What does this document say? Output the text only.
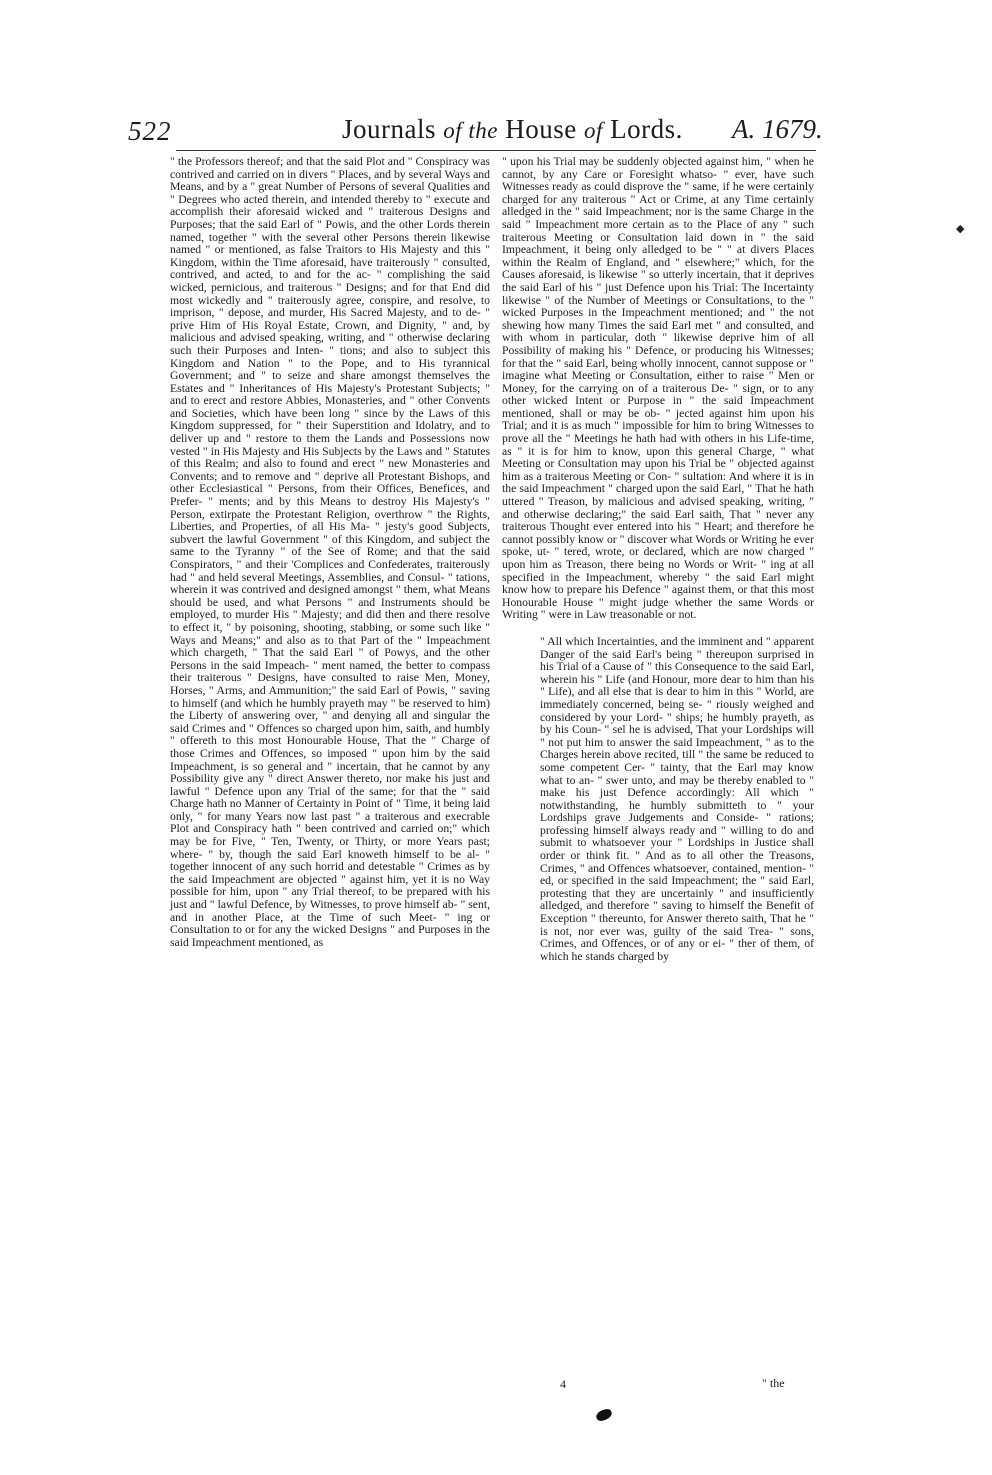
522	Journals of the House of Lords. A. 1679.

" the Professors thereof; and that the said Plot and " Conspiracy was contrived and carried on in divers " Places, and by several Ways and Means, and by a " great Number of Persons of several Qualities and " Degrees who acted therein, and intended thereby to " execute and accomplish their aforesaid wicked and " traiterous Designs and Purposes; that the said Earl of " Powis, and the other Lords therein named, together " with the several other Persons therein likewise named " or mentioned, as false Traitors to His Majesty and this " Kingdom, within the Time aforesaid, have traiterously " consulted, contrived, and acted, to and for the ac- " complishing the said wicked, pernicious, and traiterous " Designs; and for that End did most wickedly and " traiterously agree, conspire, and resolve, to imprison, " depose, and murder, His Sacred Majesty, and to de- " prive Him of His Royal Estate, Crown, and Dignity, " and, by malicious and advised speaking, writing, and " otherwise declaring such their Purposes and Inten- " tions; and also to subject this Kingdom and Nation " to the Pope, and to His tyrannical Government; and " to seize and share amongst themselves the Estates and " Inheritances of His Majesty's Protestant Subjects; " and to erect and restore Abbies, Monasteries, and " other Convents and Societies, which have been long " since by the Laws of this Kingdom suppressed, for " their Superstition and Idolatry, and to deliver up and " restore to them the Lands and Possessions now vested " in His Majesty and His Subjects by the Laws and " Statutes of this Realm; and also to found and erect " new Monasteries and Convents; and to remove and " deprive all Protestant Bishops, and other Ecclesiastical " Persons, from their Offices, Benefices, and Prefer- " ments; and by this Means to destroy His Majesty's " Person, extirpate the Protestant Religion, overthrow " the Rights, Liberties, and Properties, of all His Ma- " jesty's good Subjects, subvert the lawful Government " of this Kingdom, and subject the same to the Tyranny " of the See of Rome; and that the said Conspirators, " and their 'Complices and Confederates, traiterously had " and held several Meetings, Assemblies, and Consul- " tations, wherein it was contrived and designed amongst " them, what Means should be used, and what Persons " and Instruments should be employed, to murder His " Majesty; and did then and there resolve to effect it, " by poisoning, shooting, stabbing, or some such like " Ways and Means;" and also as to that Part of the " Impeachment which chargeth, " That the said Earl " of Powys, and the other Persons in the said Impeach- " ment named, the better to compass their traiterous " Designs, have consulted to raise Men, Money, Horses, " Arms, and Ammunition;" the said Earl of Powis, " saving to himself (and which he humbly prayeth may " be reserved to him) the Liberty of answering over, " and denying all and singular the said Crimes and " Offences so charged upon him, saith, and humbly " offereth to this most Honourable House, That the " Charge of those Crimes and Offences, so imposed " upon him by the said Impeachment, is so general and " incertain, that he cannot by any Possibility give any " direct Answer thereto, nor make his just and lawful " Defence upon any Trial of the same; for that the " said Charge hath no Manner of Certainty in Point of " Time, it being laid only, " for many Years now last past " a traiterous and execrable Plot and Conspiracy hath " been contrived and carried on;" which may be for Five, " Ten, Twenty, or Thirty, or more Years past; where- " by, though the said Earl knoweth himself to be al- " together innocent of any such horrid and detestable " Crimes as by the said Impeachment are objected " against him, yet it is no Way possible for him, upon " any Trial thereof, to be prepared with his just and " lawful Defence, by Witnesses, to prove himself ab- " sent, and in another Place, at the Time of such Meet- " ing or Consultation to or for any the wicked Designs " and Purposes in the said Impeachment mentioned, as

" upon his Trial may be suddenly objected against him, " when he cannot, by any Care or Foresight whatso- " ever, have such Witnesses ready as could disprove the " same, if he were certainly charged for any traiterous " Act or Crime, at any Time certainly alledged in the " said Impeachment; nor is the same Charge in the said " Impeachment more certain as to the Place of any " such traiterous Meeting or Consultation laid down in " the said Impeachment, it being only alledged to be " " at divers Places within the Realm of England, and " elsewhere;" which, for the Causes aforesaid, is likewise " so utterly incertain, that it deprives the said Earl of his " just Defence upon his Trial: The Incertainty likewise " of the Number of Meetings or Consultations, to the " wicked Purposes in the Impeachment mentioned; and " the not shewing how many Times the said Earl met " and consulted, and with whom in particular, doth " likewise deprive him of all Possibility of making his " Defence, or producing his Witnesses; for that the " said Earl, being wholly innocent, cannot suppose or " imagine what Meeting or Consultation, either to raise " Men or Money, for the carrying on of a traiterous De- " sign, or to any other wicked Intent or Purpose in " the said Impeachment mentioned, shall or may be ob- " jected against him upon his Trial; and it is as much " impossible for him to bring Witnesses to prove all the " Meetings he hath had with others in his Life-time, as " it is for him to know, upon this general Charge, " what Meeting or Consultation may upon his Trial be " objected against him as a traiterous Meeting or Con- " sultation: And where it is in the said Impeachment " charged upon the said Earl, " That he hath uttered " Treason, by malicious and advised speaking, writing, " and otherwise declaring;" the said Earl saith, That " never any traiterous Thought ever entered into his " Heart; and therefore he cannot possibly know or " discover what Words or Writing he ever spoke, ut- " tered, wrote, or declared, which are now charged " upon him as Treason, there being no Words or Writ- " ing at all specified in the Impeachment, whereby " the said Earl might know how to prepare his Defence " against them, or that this most Honourable House " might judge whether the same Words or Writing " were in Law treasonable or not.

" All which Incertainties, and the imminent and " apparent Danger of the said Earl's being " thereupon surprised in his Trial of a Cause of " this Consequence to the said Earl, wherein his " Life (and Honour, more dear to him than his " Life), and all else that is dear to him in this " World, are immediately concerned, being se- " riously weighed and considered by your Lord- " ships; he humbly prayeth, as by his Coun- " sel he is advised, That your Lordships will " not put him to answer the said Impeachment, " as to the Charges herein above recited, till " the same be reduced to some competent Cer- " tainty, that the Earl may know what to an- " swer unto, and may be thereby enabled to " make his just Defence accordingly: All which " notwithstanding, he humbly submitteth to " your Lordships grave Judgements and Conside- " rations; professing himself always ready and " willing to do and submit to whatsoever your " Lordships in Justice shall order or think fit. " And as to all other the Treasons, Crimes, " and Offences whatsoever, contained, mention- " ed, or specified in the said Impeachment; the " said Earl, protesting that they are uncertainly " and insufficiently alledged, and therefore " saving to himself the Benefit of Exception " thereunto, for Answer thereto saith, That he " is not, nor ever was, guilty of the said Trea- " sons, Crimes, and Offences, or of any or ei- " ther of them, of which he stands charged by

4	" the
◆
